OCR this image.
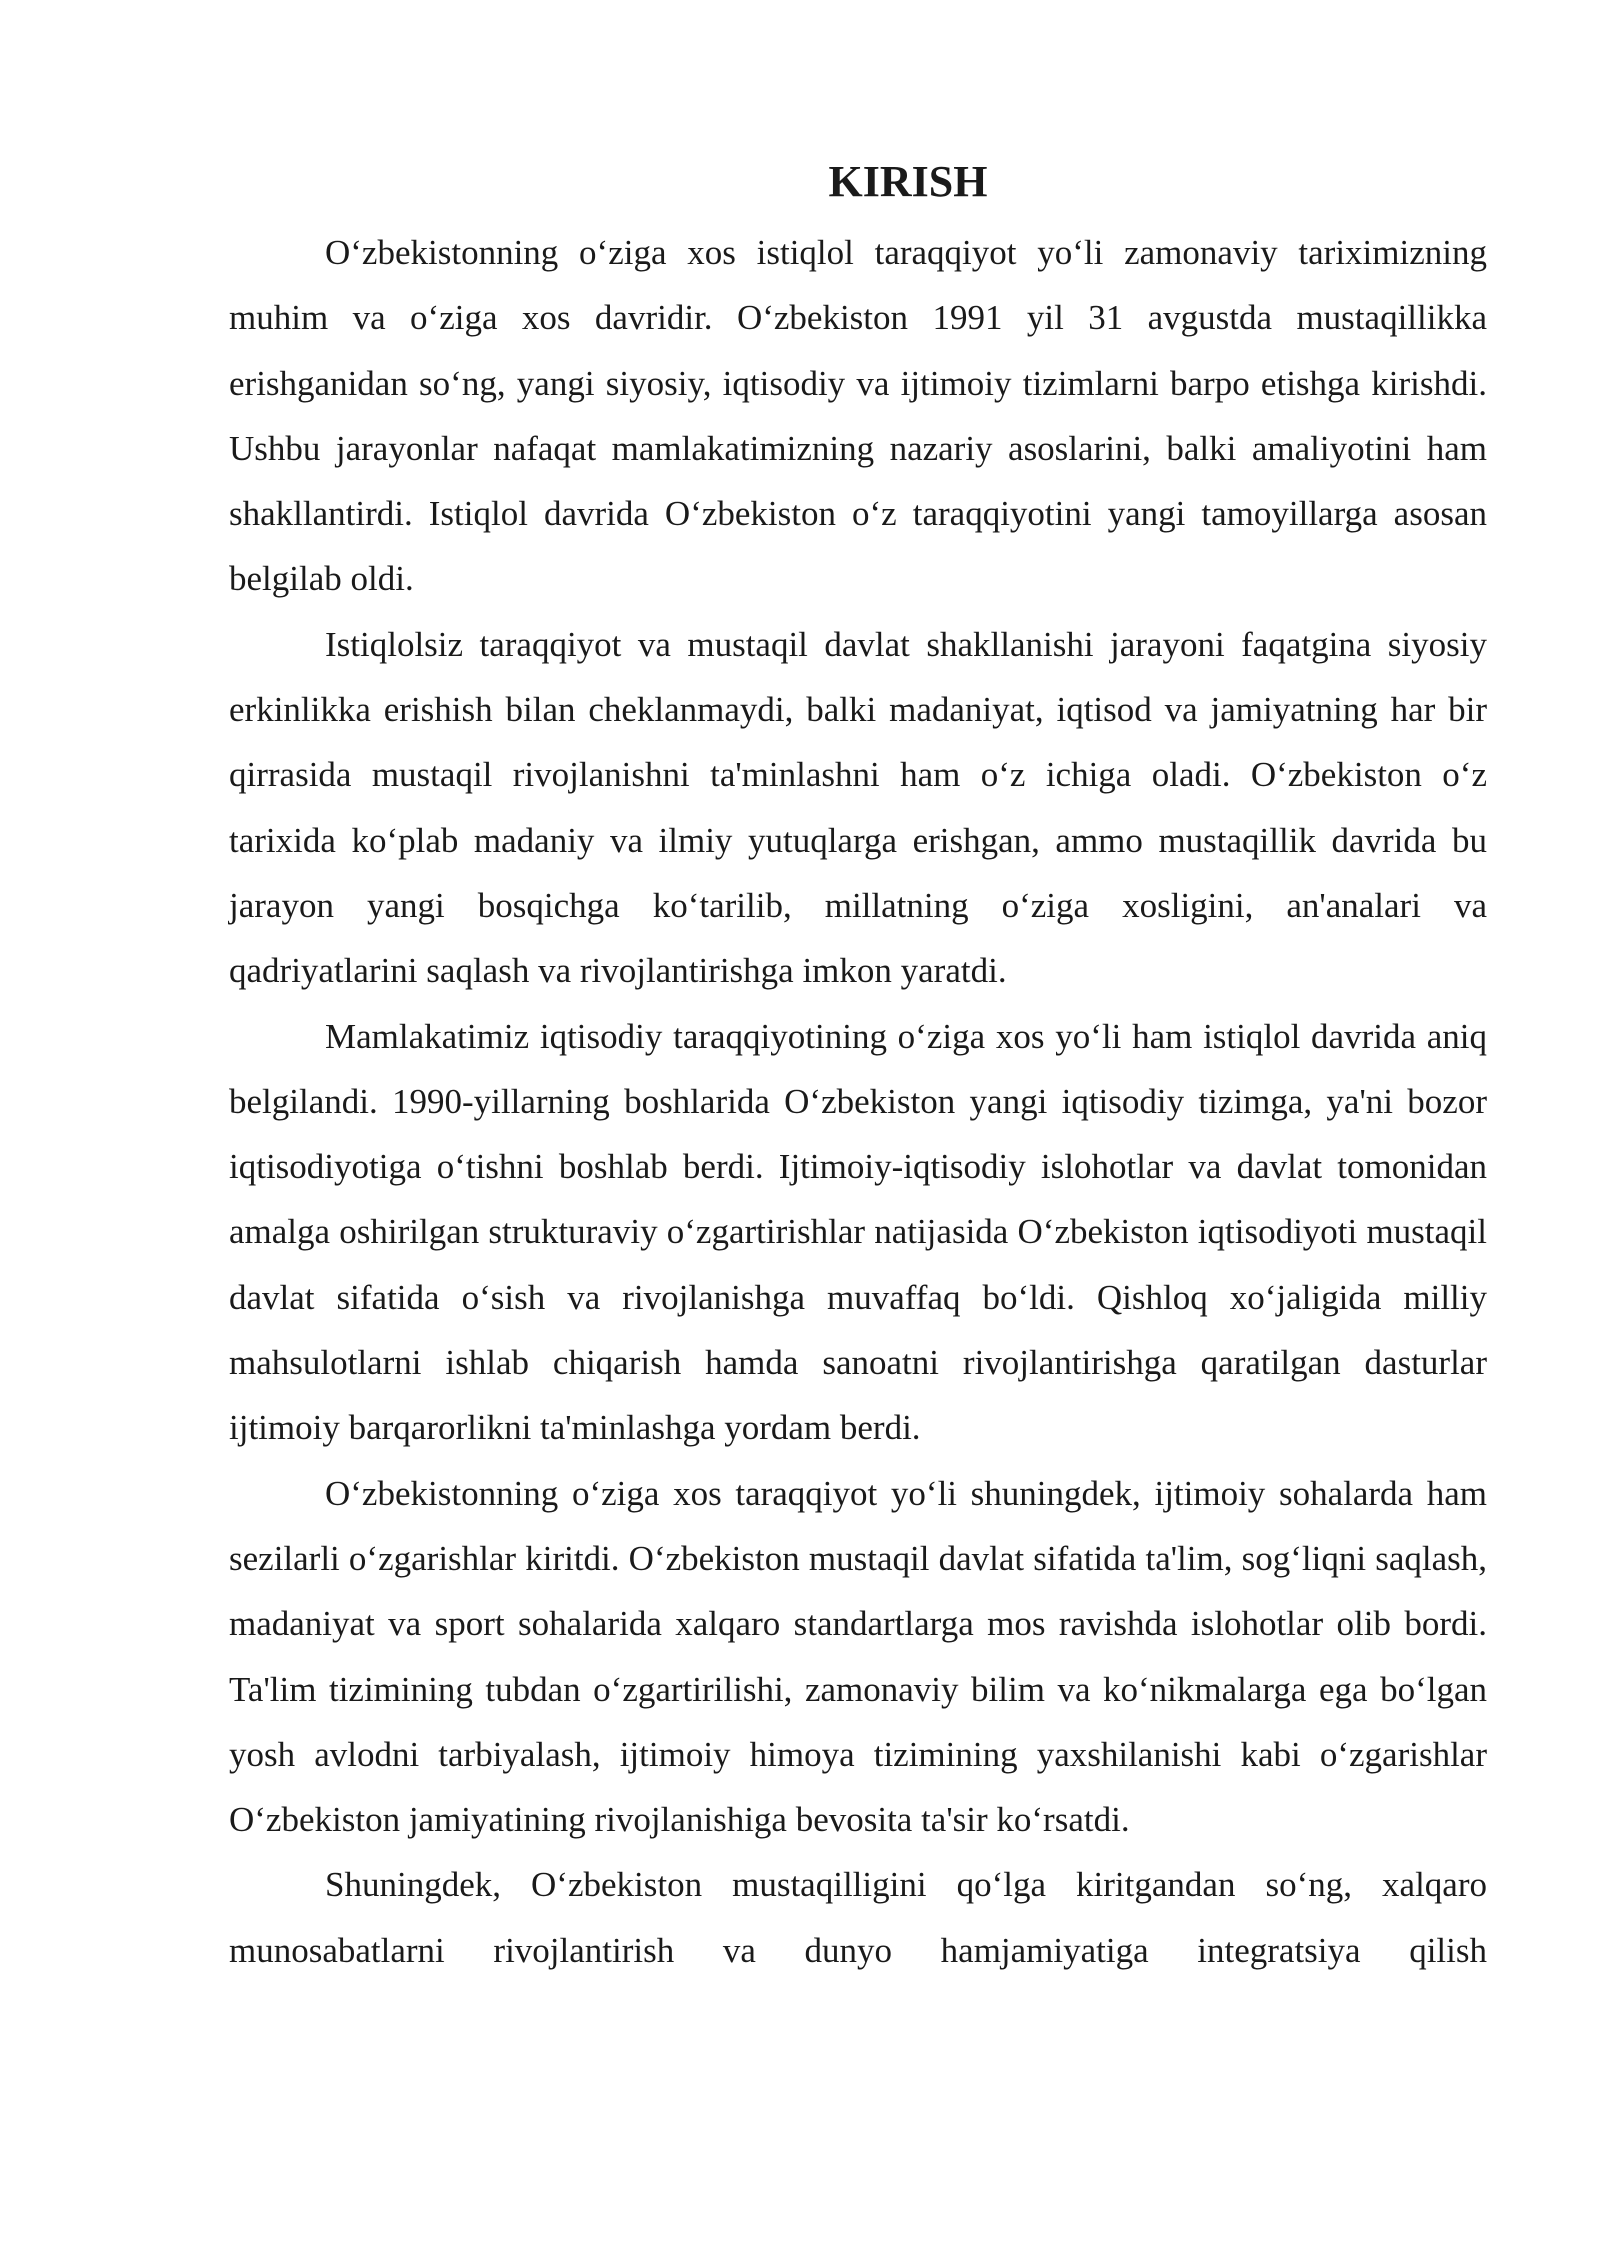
KIRISH

O‘zbekistonning o‘ziga xos istiqlol taraqqiyot yo‘li zamonaviy tariximizning muhim va o‘ziga xos davridir. O‘zbekiston 1991 yil 31 avgustda mustaqillikka erishganidan so‘ng, yangi siyosiy, iqtisodiy va ijtimoiy tizimlarni barpo etishga kirishdi. Ushbu jarayonlar nafaqat mamlakatimizning nazariy asoslarini, balki amaliyotini ham shakllantirdi. Istiqlol davrida O‘zbekiston o‘z taraqqiyotini yangi tamoyillarga asosan belgilab oldi.

Istiqlolsiz taraqqiyot va mustaqil davlat shakllanishi jarayoni faqatgina siyosiy erkinlikka erishish bilan cheklanmaydi, balki madaniyat, iqtisod va jamiyatning har bir qirrasida mustaqil rivojlanishni ta'minlashni ham o‘z ichiga oladi. O‘zbekiston o‘z tarixida ko‘plab madaniy va ilmiy yutuqlarga erishgan, ammo mustaqillik davrida bu jarayon yangi bosqichga ko‘tarilib, millatning o‘ziga xosligini, an'analari va qadriyatlarini saqlash va rivojlantirishga imkon yaratdi.

Mamlakatimiz iqtisodiy taraqqiyotining o‘ziga xos yo‘li ham istiqlol davrida aniq belgilandi. 1990-yillarning boshlarida O‘zbekiston yangi iqtisodiy tizimga, ya'ni bozor iqtisodiyotiga o‘tishni boshlab berdi. Ijtimoiy-iqtisodiy islohotlar va davlat tomonidan amalga oshirilgan strukturaviy o‘zgartirishlar natijasida O‘zbekiston iqtisodiyoti mustaqil davlat sifatida o‘sish va rivojlanishga muvaffaq bo‘ldi. Qishloq xo‘jaligida milliy mahsulotlarni ishlab chiqarish hamda sanoatni rivojlantirishga qaratilgan dasturlar ijtimoiy barqarorlikni ta'minlashga yordam berdi.

O‘zbekistonning o‘ziga xos taraqqiyot yo‘li shuningdek, ijtimoiy sohalarda ham sezilarli o‘zgarishlar kiritdi. O‘zbekiston mustaqil davlat sifatida ta'lim, sog‘liqni saqlash, madaniyat va sport sohalarida xalqaro standartlarga mos ravishda islohotlar olib bordi. Ta'lim tizimining tubdan o‘zgartirilishi, zamonaviy bilim va ko‘nikmalarga ega bo‘lgan yosh avlodni tarbiyalash, ijtimoiy himoya tizimining yaxshilanishi kabi o‘zgarishlar O‘zbekiston jamiyatining rivojlanishiga bevosita ta'sir ko‘rsatdi.

Shuningdek, O‘zbekiston mustaqilligini qo‘lga kiritgandan so‘ng, xalqaro munosabatlarni rivojlantirish va dunyo hamjamiyatiga integratsiya qilish
